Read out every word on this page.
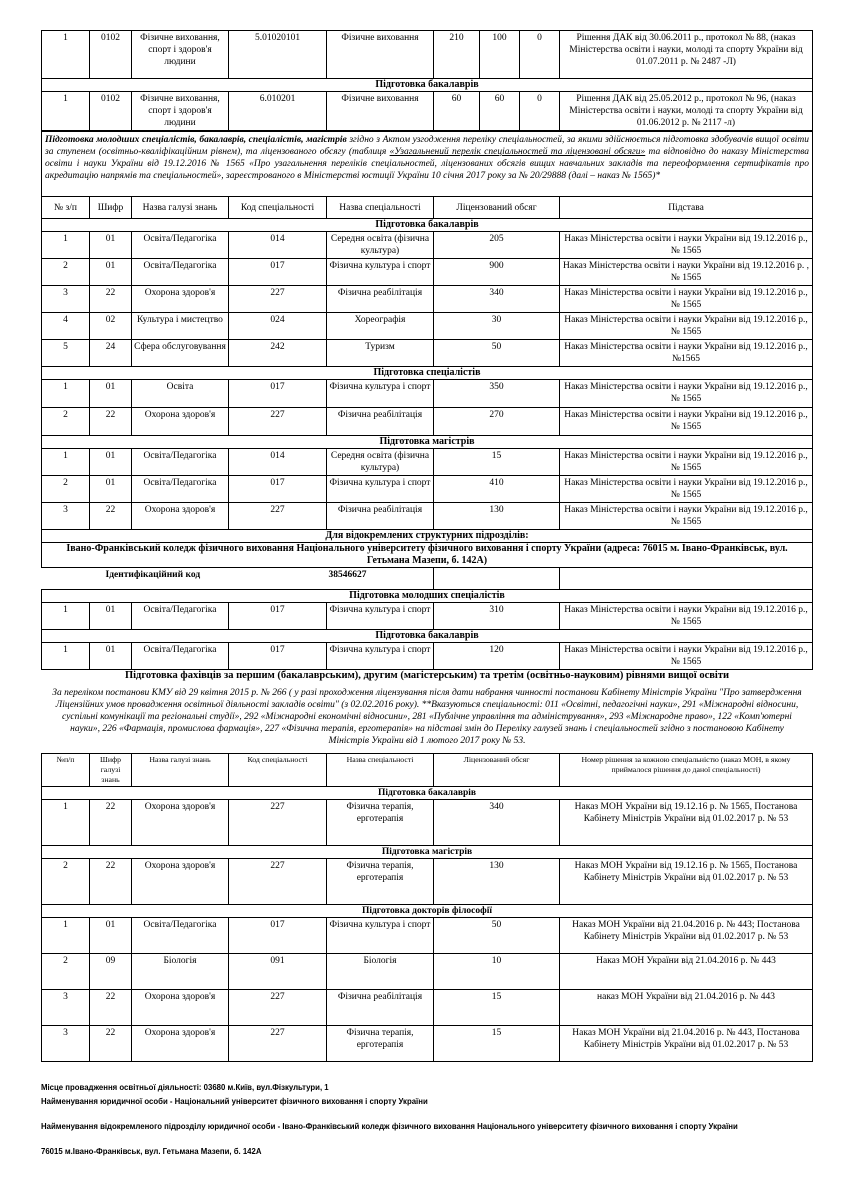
1	0102	Фізичне виховання, спорт і здоров'я людини	5.01020101	Фізичне виховання	210	100	0	Рішення ДАК від 30.06.2011 р., протокол № 88, (наказ Міністерства освіти і науки, молоді та спорту України від 01.07.2011 р. № 2487 -Л)
Підготовка бакалаврів								
1	0102	Фізичне виховання, спорт і здоров'я людини	6.010201	Фізичне виховання	60	60	0	Рішення ДАК від 25.05.2012 р., протокол № 96, (наказ Міністерства освіти і науки, молоді та спорту України від 01.06.2012 р. № 2117 -л)
Підготовка молодших спеціалістів, бакалаврів, спеціалістів, магістрів згідно з Актом узгодження переліку спеціальностей, за якими здійснюється підготовка здобувачів вищої освіти за ступенем (освітньо-кваліфікаційним рівнем), та ліцензованого обсягу (таблиця «Узагальнений перелік спеціальностей та ліцензовані обсяги» та відповідно до наказу Міністерства освіти і науки України від 19.12.2016 № 1565 «Про узагальнення переліків спеціальностей, ліцензованих обсягів вищих навчальних закладів та переоформлення сертифікатів про акредитацію напрямів та спеціальностей», зареєстрованого в Міністерстві юстиції України 10 січня 2017 року за № 20/29888 (далі – наказ № 1565)*						
№ з/п	Шифр	Назва галузі знань	Код спеціальності	Назва спеціальності	Ліцензований обсяг	Підстава
Підготовка бакалаврів						
1	01	Освіта/Педагогіка	014	Середня освіта (фізична культура)	205	Наказ Міністерства освіти і науки України від 19.12.2016 р., № 1565
2	01	Освіта/Педагогіка	017	Фізична культура і спорт	900	Наказ Міністерства освіти і науки України від 19.12.2016 р. , № 1565
3	22	Охорона здоров'я	227	Фізична реабілітація	340	Наказ Міністерства освіти і науки України від 19.12.2016 р., № 1565
4	02	Культура і мистецтво	024	Хореографія	30	Наказ Міністерства освіти і науки України від 19.12.2016 р., № 1565
5	24	Сфера обслуговування	242	Туризм	50	Наказ Міністерства освіти і науки України від 19.12.2016 р., №1565
Підготовка спеціалістів						
1	01	Освіта	017	Фізична культура і спорт	350	Наказ Міністерства освіти і науки України від 19.12.2016 р., № 1565
2	22	Охорона здоров'я	227	Фізична реабілітація	270	Наказ Міністерства освіти і науки України від 19.12.2016 р., № 1565
Підготовка магістрів						
1	01	Освіта/Педагогіка	014	Середня освіта (фізична культура)	15	Наказ Міністерства освіти і науки України від 19.12.2016 р., № 1565
2	01	Освіта/Педагогіка	017	Фізична культура і спорт	410	Наказ Міністерства освіти і науки України від 19.12.2016 р., № 1565
3	22	Охорона здоров'я	227	Фізична реабілітація	130	Наказ Міністерства освіти і науки України від 19.12.2016 р., № 1565
Для відокремлених структурних підрозділів:						
Івано-Франківський коледж фізичного виховання Національного університету фізичного виховання і спорту України (адреса: 76015 м. Івано-Франківськ, вул. Гетьмана Мазепи, б. 142А)						
	Ідентифікаційний код			38546627		
Підготовка молодших спеціалістів						
1	01	Освіта/Педагогіка	017	Фізична культура і спорт	310	Наказ Міністерства освіти і науки України від 19.12.2016 р., № 1565
Підготовка бакалаврів						
1	01	Освіта/Педагогіка	017	Фізична культура і спорт	120	Наказ Міністерства освіти і науки України від 19.12.2016 р., № 1565
Підготовка фахівців за першим (бакалаврським), другим (магістерським) та третім (освітньо-науковим) рівнями вищої освіти						
За переліком постанови КМУ від 29 квітня 2015 р. № 266 ( у разі проходження ліцензування після дати набрання чинності постанови Кабінету Міністрів України "Про затвердження Ліцензійних умов провадження освітньої діяльності закладів освіти" (з 02.02.2016 року). **Вказуються спеціальності: 011 «Освітні, педагогічні науки», 291 «Міжнародні відносини, суспільні комунікації та регіональні студії», 292 «Міжнародні економічні відносини», 281 «Публічне управління та адміністрування», 293 «Міжнародне право», 122 «Комп'ютерні науки», 226 «Фармація, промислова фармація», 227 «Фізична терапія, ерготерапія» на підставі змін до Переліку галузей знань і спеціальностей згідно з постановою Кабінету Міністрів України від 1 лютого 2017 року № 53.						
№п/п	Шифр галузі знань	Назва галузі знань	Код спеціальності	Назва спеціальності	Ліцензований обсяг	Номер рішення за кожною спеціальністю (наказ МОН, в якому приймалося рішення до даної спеціальності)
Підготовка бакалаврів						
1	22	Охорона здоров'я	227	Фізична терапія, ерготерапія	340	Наказ МОН України від 19.12.16 р. № 1565, Постанова Кабінету Міністрів України від 01.02.2017 р. № 53
Підготовка магістрів						
2	22	Охорона здоров'я	227	Фізична терапія, ерготерапія	130	Наказ МОН України від 19.12.16 р. № 1565, Постанова Кабінету Міністрів України від 01.02.2017 р. № 53
Підготовка докторів філософії						
1	01	Освіта/Педагогіка	017	Фізична культура і спорт	50	Наказ МОН України від 21.04.2016 р. № 443; Постанова Кабінету Міністрів України від 01.02.2017 р. № 53
2	09	Біологія	091	Біологія	10	Наказ МОН України від 21.04.2016 р. № 443
3	22	Охорона здоров'я	227	Фізична реабілітація	15	наказ МОН України від 21.04.2016 р. № 443
3	22	Охорона здоров'я	227	Фізична терапія, ерготерапія	15	Наказ МОН України від 21.04.2016 р. № 443, Постанова Кабінету Міністрів України від 01.02.2017 р. № 53
Місце провадження освітньої діяльності: 03680 м.Київ, вул.Фізкультури, 1
Найменування юридичної особи - Національний університет фізичного виховання і спорту України
Найменування відокремленого підрозділу юридичної особи - Івано-Франківський коледж фізичного виховання Національного університету фізичного виховання і спорту України
76015 м.Івано-Франківськ, вул. Гетьмана Мазепи, б. 142А
